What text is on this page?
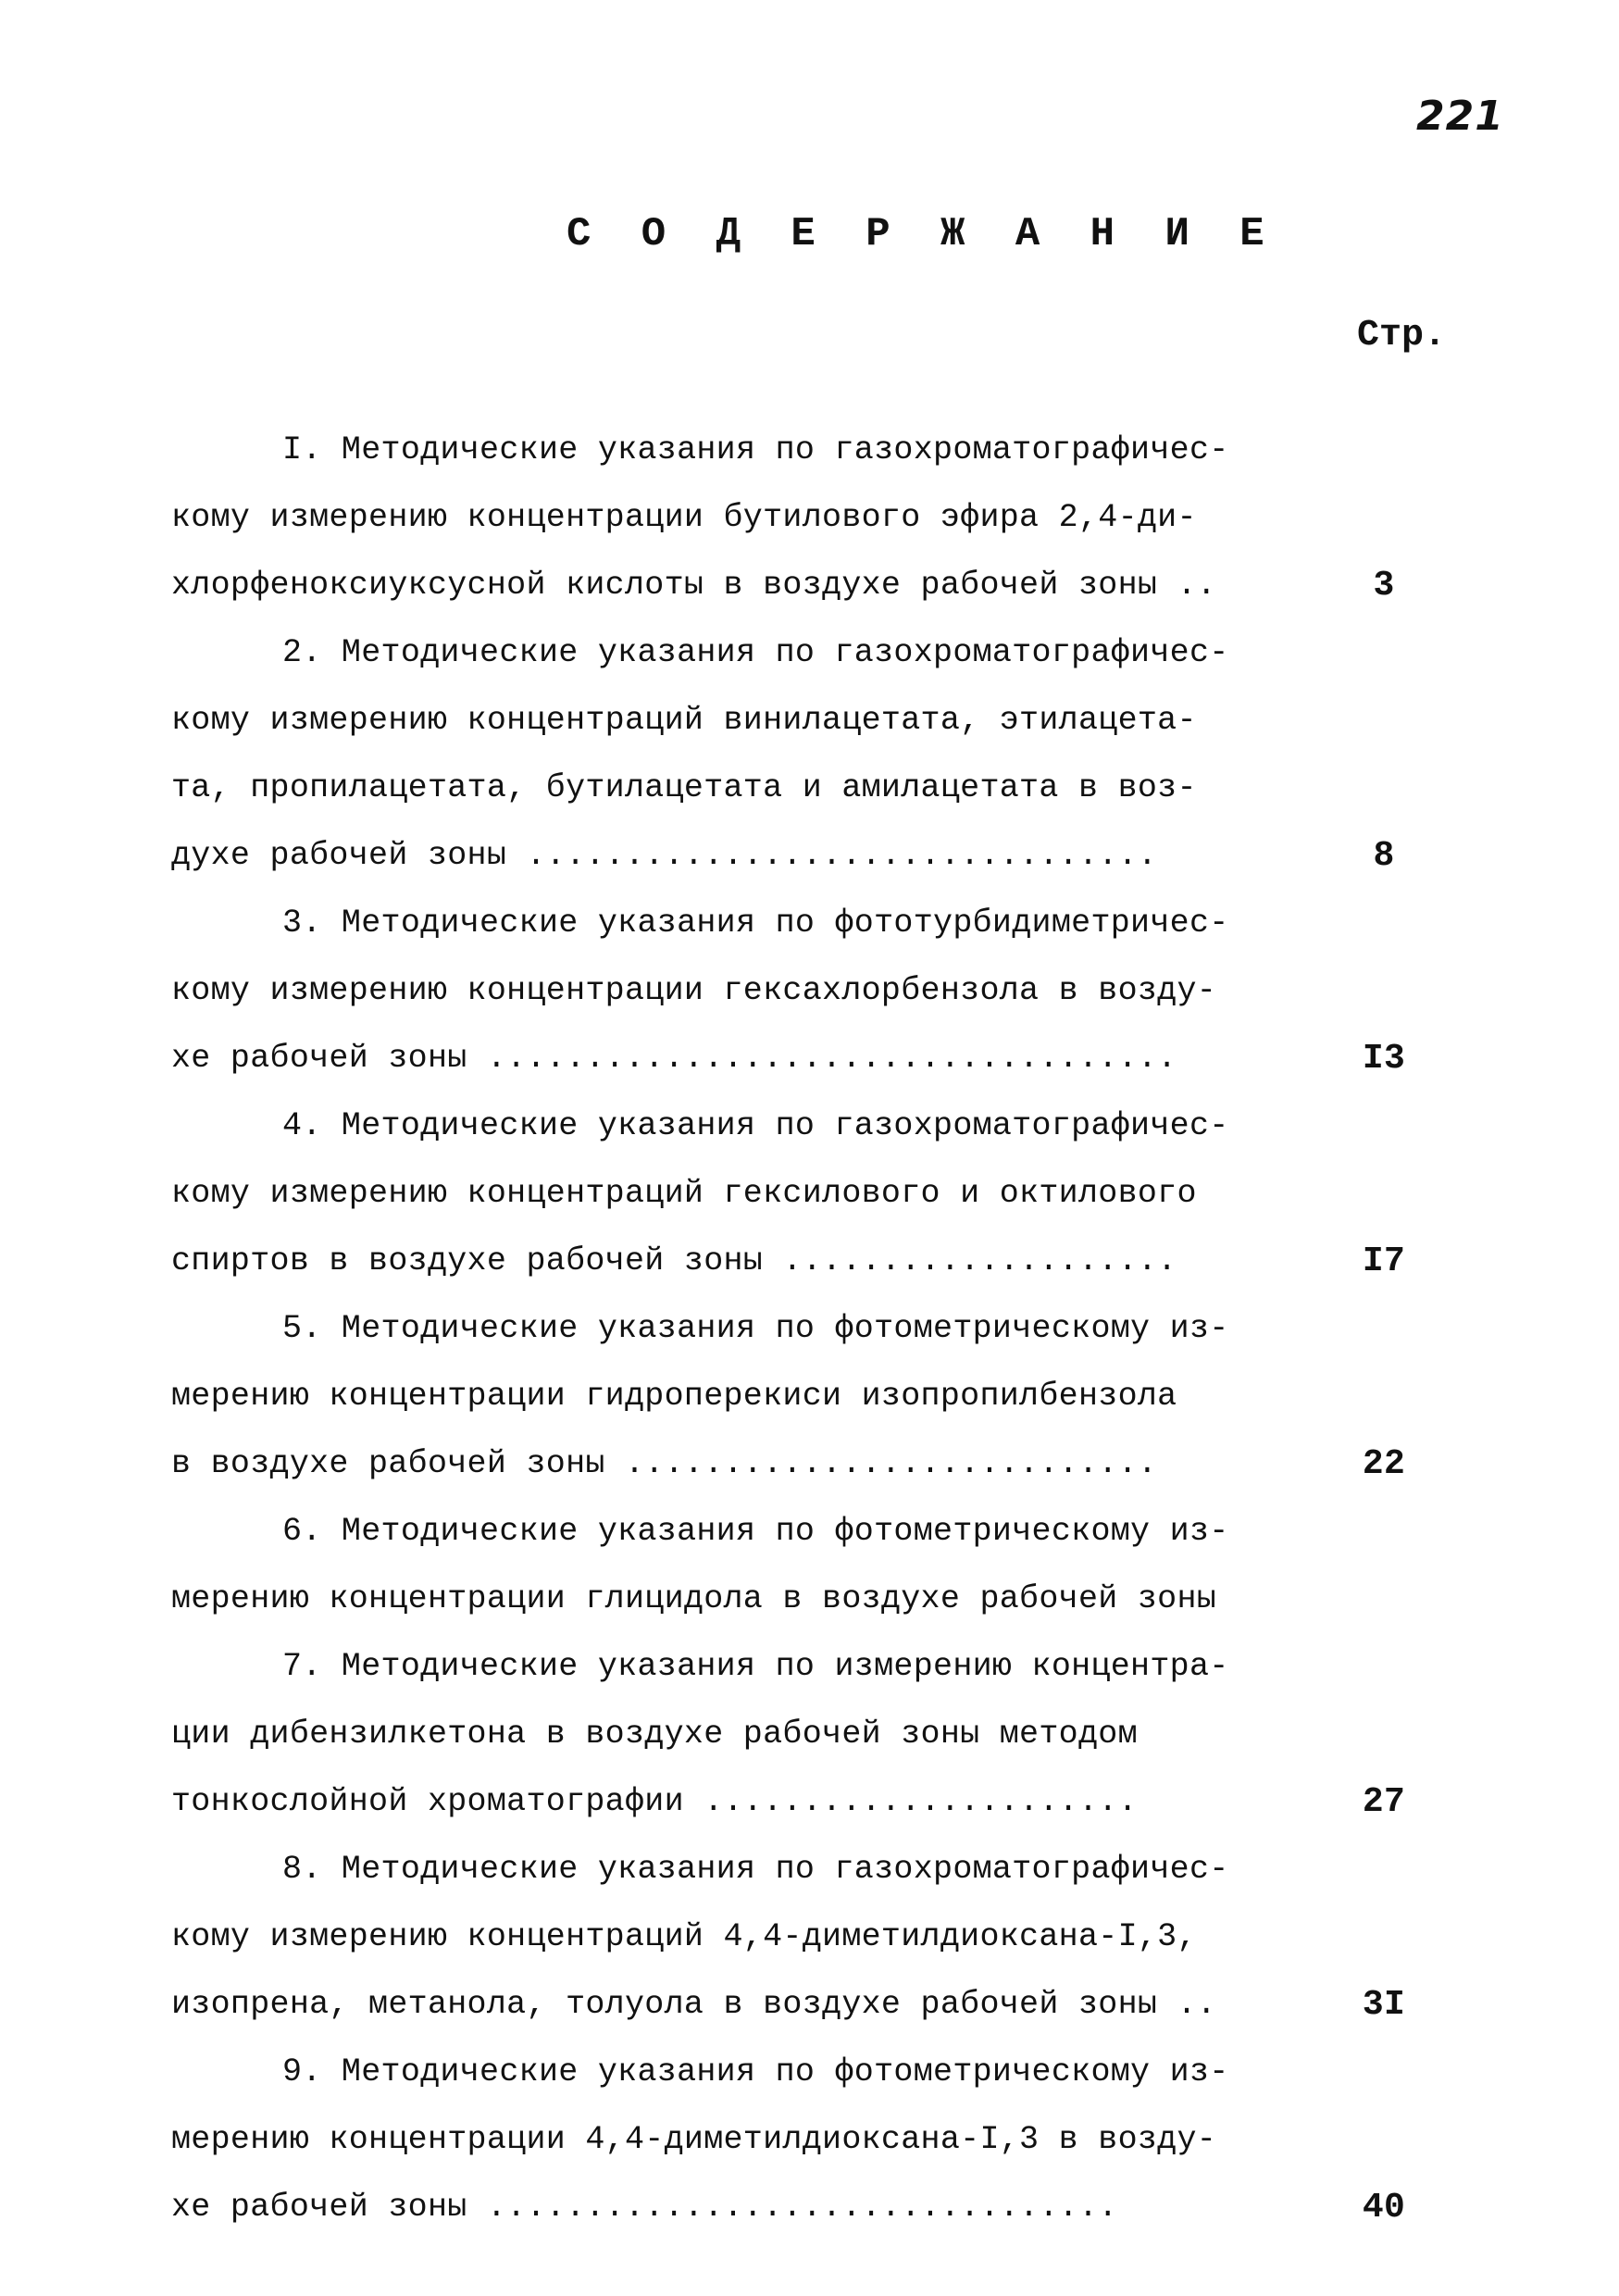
221
С О Д Е Р Ж А Н И Е
Стр.
I. Методические указания по газохроматографичес-
кому измерению концентрации бутилового эфира 2,4-ди-
хлорфеноксиуксусной кислоты в воздухе рабочей зоны ..	3
2. Методические указания по газохроматографичес-
кому измерению концентраций винилацетата, этилацета-
та, пропилацетата, бутилацетата и амилацетата в воз-
духе рабочей зоны ................................	8
3. Методические указания по фототурбидиметричес-
кому измерению концентрации гексахлорбензола в возду-
хе рабочей зоны ...................................	I3
4. Методические указания по газохроматографичес-
кому измерению концентраций гексилового и октилового
спиртов в воздухе рабочей зоны ....................	I7
5. Методические указания по фотометрическому из-
мерению концентрации гидроперекиси изопропилбензола
в воздухе рабочей зоны ...........................	22
6. Методические указания по фотометрическому из-
мерению концентрации глицидола в воздухе рабочей зоны
7. Методические указания по измерению концентра-
ции дибензилкетона в воздухе рабочей зоны методом
тонкослойной хроматографии ......................	27
8. Методические указания по газохроматографичес-
кому измерению концентраций 4,4-диметилдиоксана-I,3,
изопрена, метанола, толуола в воздухе рабочей зоны ..	3I
9. Методические указания по фотометрическому из-
мерению концентрации 4,4-диметилдиоксана-I,3 в возду-
хе рабочей зоны ................................	40
